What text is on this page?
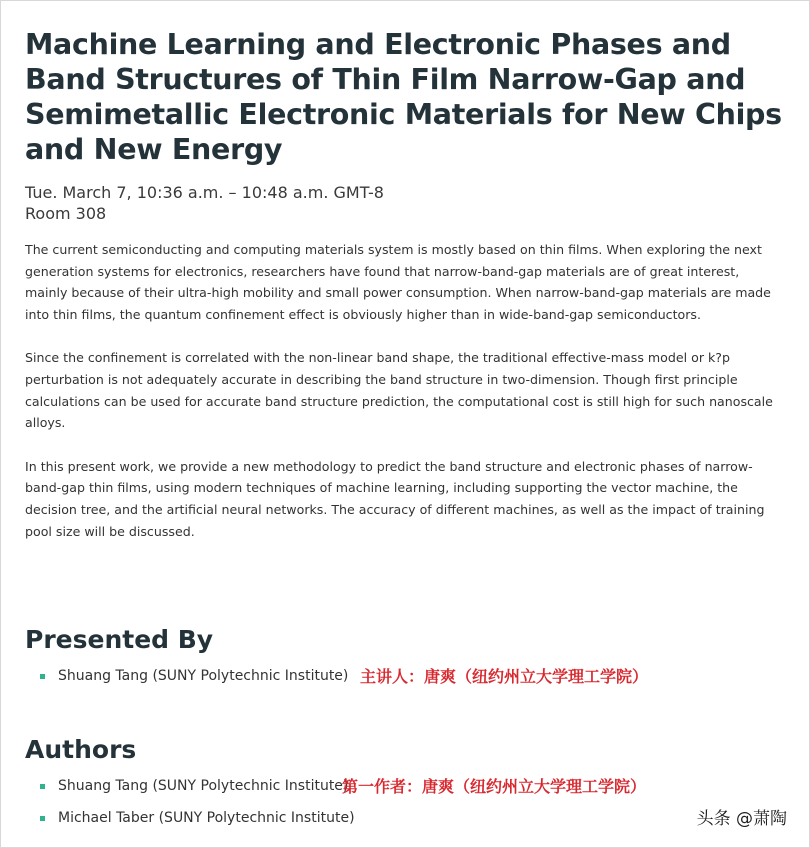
Machine Learning and Electronic Phases and Band Structures of Thin Film Narrow-Gap and Semimetallic Electronic Materials for New Chips and New Energy
Tue. March 7, 10:36 a.m. – 10:48 a.m. GMT-8
Room 308

The current semiconducting and computing materials system is mostly based on thin films. When exploring the next generation systems for electronics, researchers have found that narrow-band-gap materials are of great interest, mainly because of their ultra-high mobility and small power consumption. When narrow-band-gap materials are made into thin films, the quantum confinement effect is obviously higher than in wide-band-gap semiconductors.

Since the confinement is correlated with the non-linear band shape, the traditional effective-mass model or k?p perturbation is not adequately accurate in describing the band structure in two-dimension. Though first principle calculations can be used for accurate band structure prediction, the computational cost is still high for such nanoscale alloys.

In this present work, we provide a new methodology to predict the band structure and electronic phases of narrow-band-gap thin films, using modern techniques of machine learning, including supporting the vector machine, the decision tree, and the artificial neural networks. The accuracy of different machines, as well as the impact of training pool size will be discussed.

Presented By
Shuang Tang (SUNY Polytechnic Institute) 主讲人：唐爽（纽约州立大学理工学院）
Authors
Shuang Tang (SUNY Polytechnic Institute)
第一作者：唐爽（纽约州立大学理工学院）
Michael Taber (SUNY Polytechnic Institute)	头条 @萧陶
